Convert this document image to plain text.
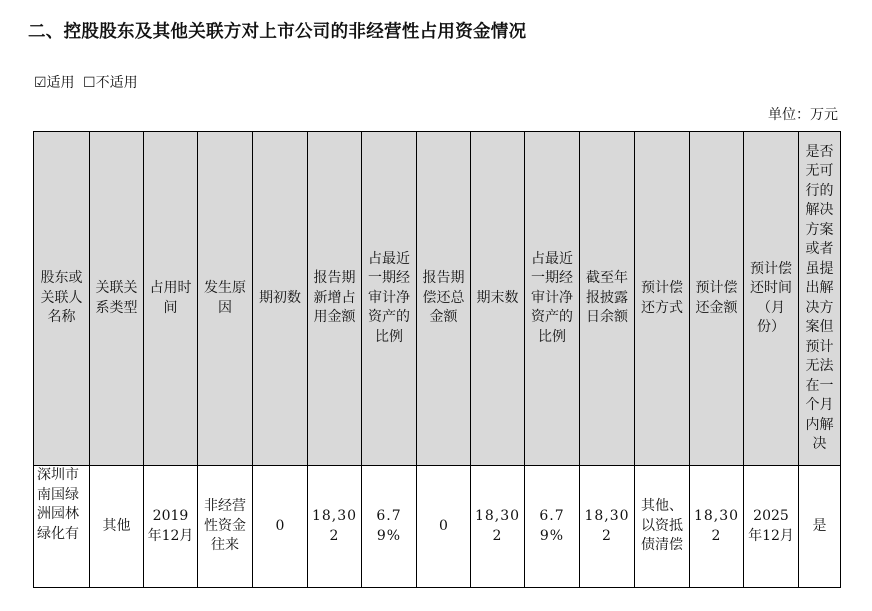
二、控股股东及其他关联方对上市公司的非经营性占用资金情况
☑适用 ☐不适用
单位：万元
股东或关联人名称	关联关系类型	占用时间	发生原因	期初数	报告期新增占用金额	占最近一期经审计净资产的比例	报告期偿还总金额	期末数	占最近一期经审计净资产的比例	截至年报披露日余额	预计偿还方式	预计偿还金额	预计偿还时间（月份）	是否无可行的解决方案或者虽提出解决方案但预计无法在一个月内解决
深圳市南国绿洲园林绿化有	其他	2019年12月	非经营性资金往来	0	18,302	6.79%	0	18,302	6.79%	18,302	其他、以资抵债清偿	18,302	2025年12月	是
